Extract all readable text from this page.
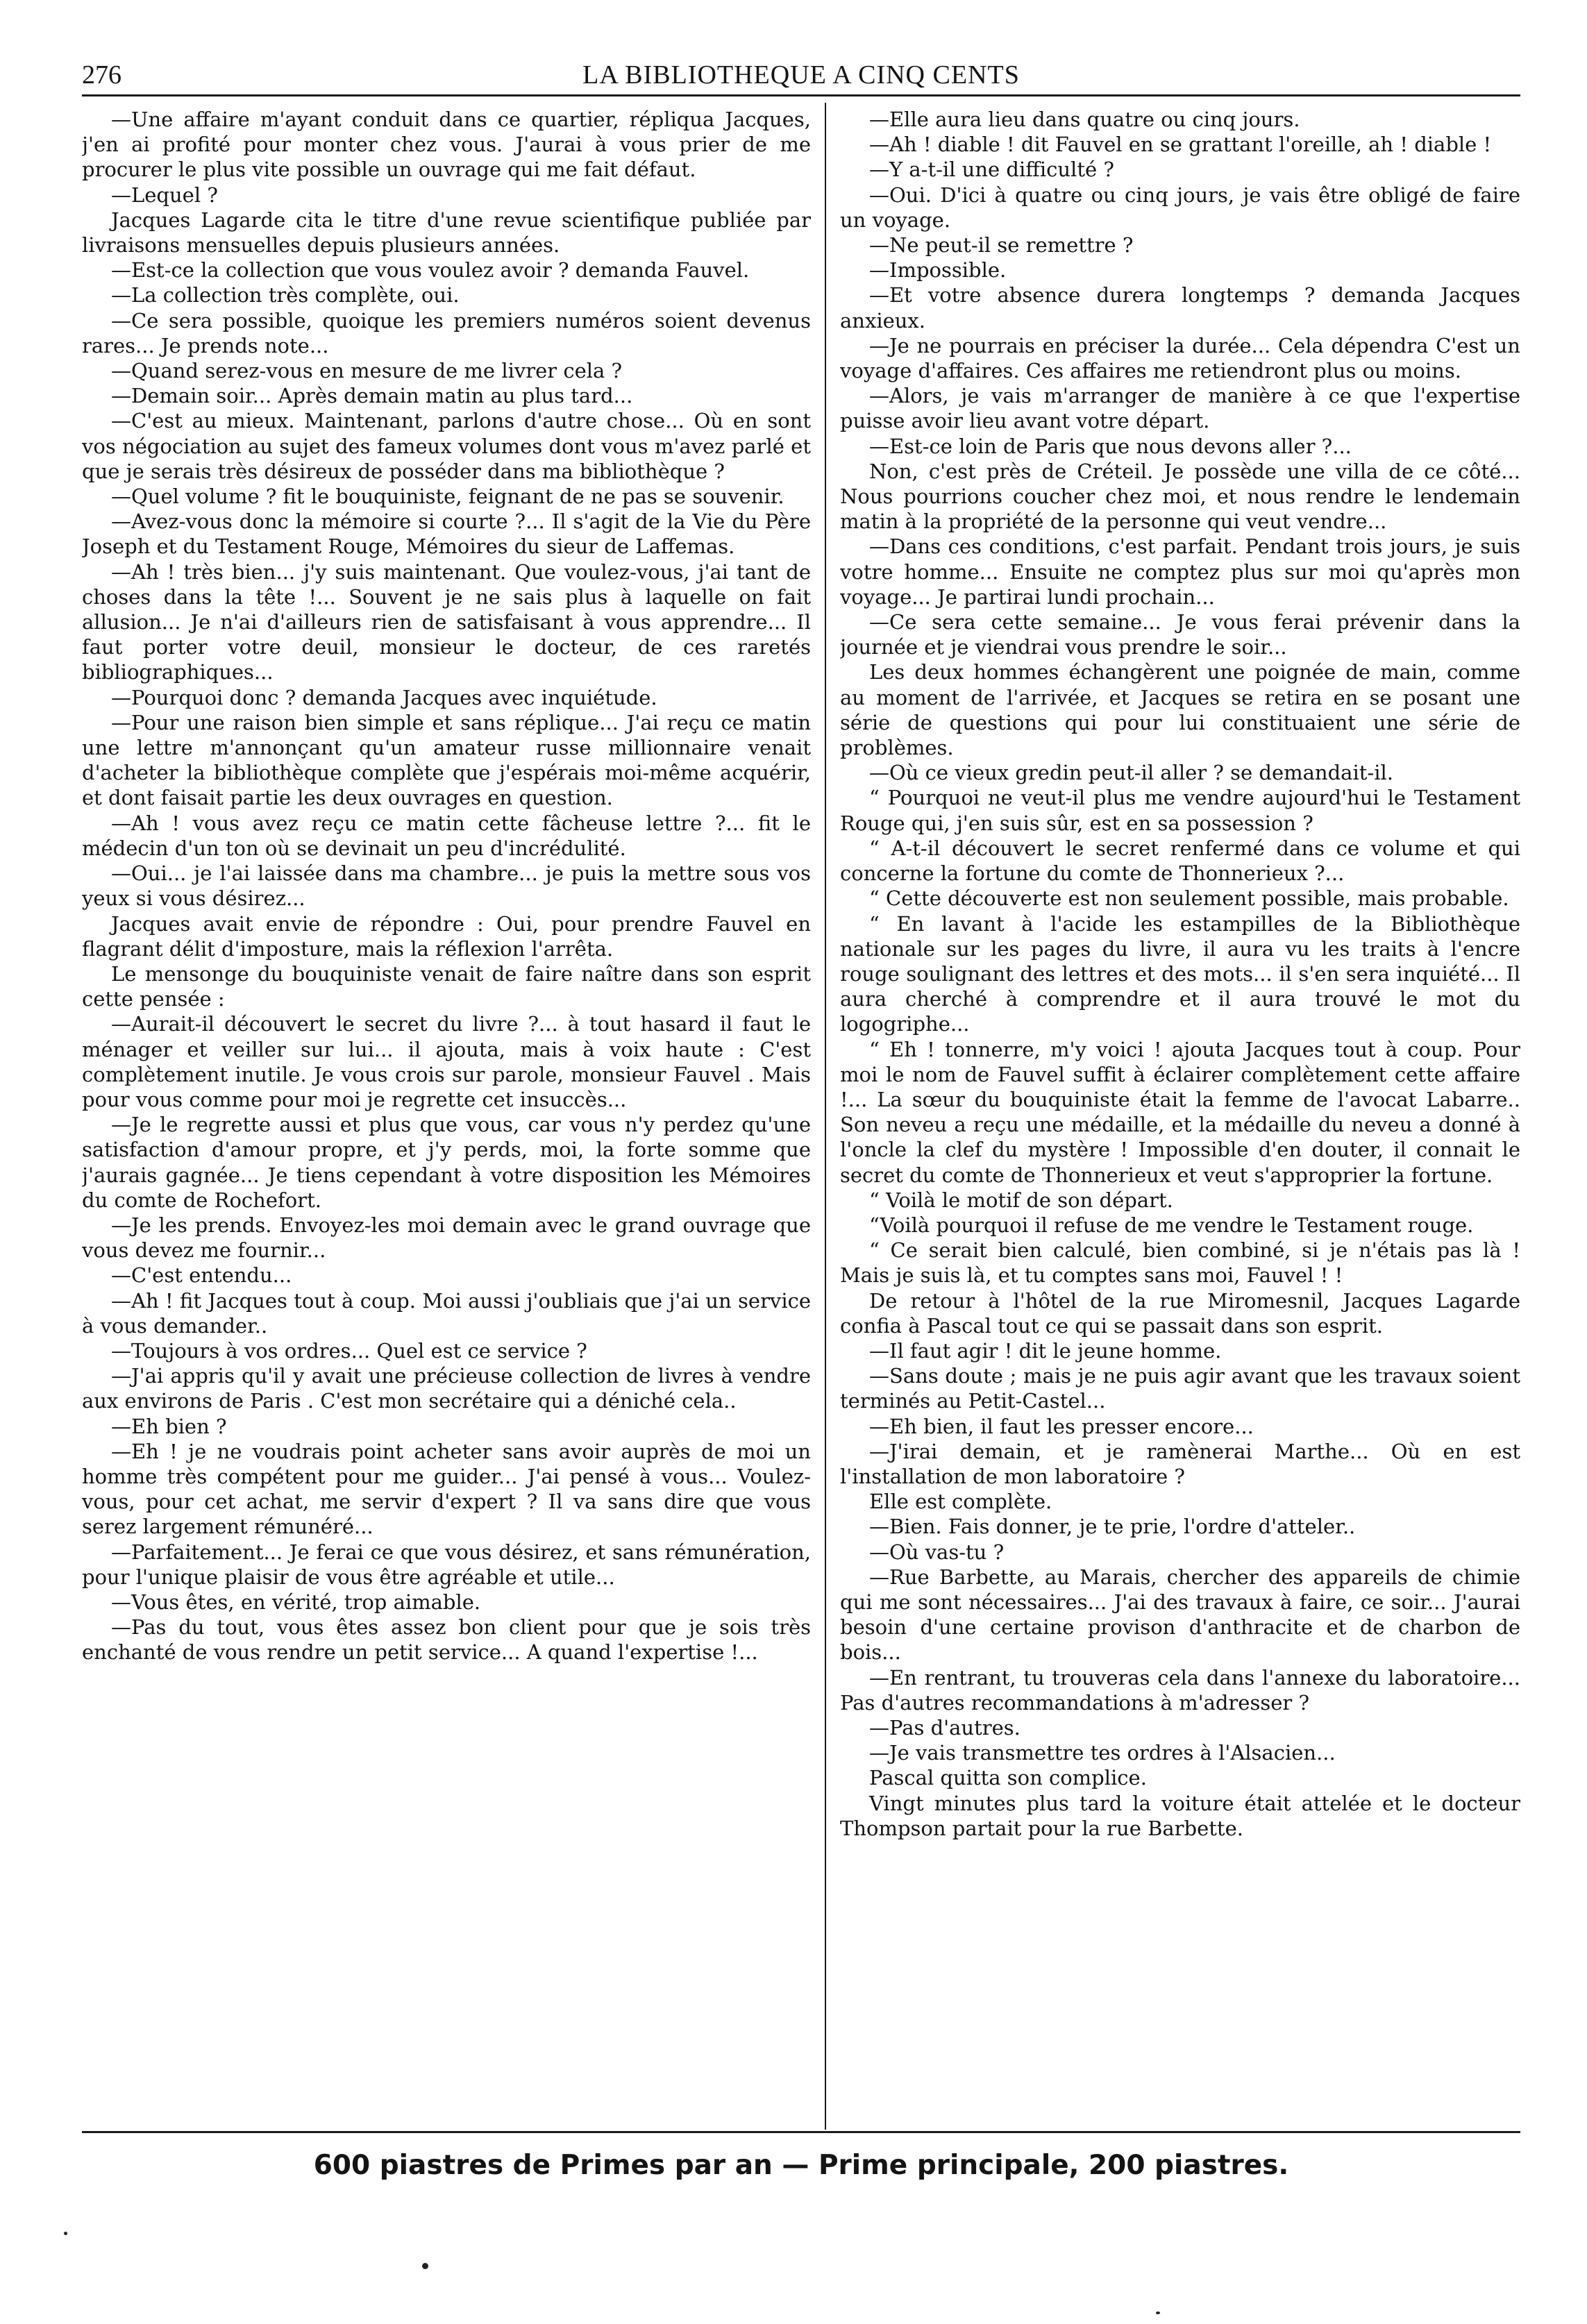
276	LA BIBLIOTHEQUE A CINQ CENTS

—Une affaire m'ayant conduit dans ce quartier, répliqua Jacques, j'en ai profité pour monter chez vous. J'aurai à vous prier de me procurer le plus vite possible un ouvrage qui me fait défaut.

—Lequel ?

Jacques Lagarde cita le titre d'une revue scientifique publiée par livraisons mensuelles depuis plusieurs années.

—Est-ce la collection que vous voulez avoir ? demanda Fauvel.

—La collection très complète, oui.

—Ce sera possible, quoique les premiers numéros soient devenus rares... Je prends note...

—Quand serez-vous en mesure de me livrer cela ?

—Demain soir... Après demain matin au plus tard...

—C'est au mieux. Maintenant, parlons d'autre chose... Où en sont vos négociation au sujet des fameux volumes dont vous m'avez parlé et que je serais très désireux de posséder dans ma bibliothèque ?

—Quel volume ? fit le bouquiniste, feignant de ne pas se souvenir.

—Avez-vous donc la mémoire si courte ?... Il s'agit de la Vie du Père Joseph et du Testament Rouge, Mémoires du sieur de Laffemas.

—Ah ! très bien... j'y suis maintenant. Que voulez-vous, j'ai tant de choses dans la tête !... Souvent je ne sais plus à laquelle on fait allusion... Je n'ai d'ailleurs rien de satisfaisant à vous apprendre... Il faut porter votre deuil, monsieur le docteur, de ces raretés bibliographiques...

—Pourquoi donc ? demanda Jacques avec inquiétude.

—Pour une raison bien simple et sans réplique... J'ai reçu ce matin une lettre m'annonçant qu'un amateur russe millionnaire venait d'acheter la bibliothèque complète que j'espérais moi-même acquérir, et dont faisait partie les deux ouvrages en question.

—Ah ! vous avez reçu ce matin cette fâcheuse lettre ?... fit le médecin d'un ton où se devinait un peu d'incrédulité.

—Oui... je l'ai laissée dans ma chambre... je puis la mettre sous vos yeux si vous désirez...

Jacques avait envie de répondre : Oui, pour prendre Fauvel en flagrant délit d'imposture, mais la réflexion l'arrêta.

Le mensonge du bouquiniste venait de faire naître dans son esprit cette pensée :

—Aurait-il découvert le secret du livre ?... à tout hasard il faut le ménager et veiller sur lui... il ajouta, mais à voix haute : C'est complètement inutile. Je vous crois sur parole, monsieur Fauvel . Mais pour vous comme pour moi je regrette cet insuccès...

—Je le regrette aussi et plus que vous, car vous n'y perdez qu'une satisfaction d'amour propre, et j'y perds, moi, la forte somme que j'aurais gagnée... Je tiens cependant à votre disposition les Mémoires du comte de Rochefort.

—Je les prends. Envoyez-les moi demain avec le grand ouvrage que vous devez me fournir...

—C'est entendu...

—Ah ! fit Jacques tout à coup. Moi aussi j'oubliais que j'ai un service à vous demander..

—Toujours à vos ordres... Quel est ce service ?

—J'ai appris qu'il y avait une précieuse collection de livres à vendre aux environs de Paris . C'est mon secrétaire qui a déniché cela..

—Eh bien ?

—Eh ! je ne voudrais point acheter sans avoir auprès de moi un homme très compétent pour me guider... J'ai pensé à vous... Voulez-vous, pour cet achat, me servir d'expert ? Il va sans dire que vous serez largement rémunéré...

—Parfaitement... Je ferai ce que vous désirez, et sans rémunération, pour l'unique plaisir de vous être agréable et utile...

—Vous êtes, en vérité, trop aimable.

—Pas du tout, vous êtes assez bon client pour que je sois très enchanté de vous rendre un petit service... A quand l'expertise !...

—Elle aura lieu dans quatre ou cinq jours.

—Ah ! diable ! dit Fauvel en se grattant l'oreille, ah ! diable !

—Y a-t-il une difficulté ?

—Oui. D'ici à quatre ou cinq jours, je vais être obligé de faire un voyage.

—Ne peut-il se remettre ?

—Impossible.

—Et votre absence durera longtemps ? demanda Jacques anxieux.

—Je ne pourrais en préciser la durée... Cela dépendra C'est un voyage d'affaires. Ces affaires me retiendront plus ou moins.

—Alors, je vais m'arranger de manière à ce que l'expertise puisse avoir lieu avant votre départ.

—Est-ce loin de Paris que nous devons aller ?...

Non, c'est près de Créteil. Je possède une villa de ce côté... Nous pourrions coucher chez moi, et nous rendre le lendemain matin à la propriété de la personne qui veut vendre...

—Dans ces conditions, c'est parfait. Pendant trois jours, je suis votre homme... Ensuite ne comptez plus sur moi qu'après mon voyage... Je partirai lundi prochain...

—Ce sera cette semaine... Je vous ferai prévenir dans la journée et je viendrai vous prendre le soir...

Les deux hommes échangèrent une poignée de main, comme au moment de l'arrivée, et Jacques se retira en se posant une série de questions qui pour lui constituaient une série de problèmes.

—Où ce vieux gredin peut-il aller ? se demandait-il.

“ Pourquoi ne veut-il plus me vendre aujourd'hui le Testament Rouge qui, j'en suis sûr, est en sa possession ?

“ A-t-il découvert le secret renfermé dans ce volume et qui concerne la fortune du comte de Thonnerieux ?...

“ Cette découverte est non seulement possible, mais probable.

“ En lavant à l'acide les estampilles de la Bibliothèque nationale sur les pages du livre, il aura vu les traits à l'encre rouge soulignant des lettres et des mots... il s'en sera inquiété... Il aura cherché à comprendre et il aura trouvé le mot du logogriphe...

“ Eh ! tonnerre, m'y voici ! ajouta Jacques tout à coup. Pour moi le nom de Fauvel suffit à éclairer complètement cette affaire !... La sœur du bouquiniste était la femme de l'avocat Labarre.. Son neveu a reçu une médaille, et la médaille du neveu a donné à l'oncle la clef du mystère ! Impossible d'en douter, il connait le secret du comte de Thonnerieux et veut s'approprier la fortune.

“ Voilà le motif de son départ.

“Voilà pourquoi il refuse de me vendre le Testament rouge.

“ Ce serait bien calculé, bien combiné, si je n'étais pas là ! Mais je suis là, et tu comptes sans moi, Fauvel ! !

De retour à l'hôtel de la rue Miromesnil, Jacques Lagarde confia à Pascal tout ce qui se passait dans son esprit.

—Il faut agir ! dit le jeune homme.

—Sans doute ; mais je ne puis agir avant que les travaux soient terminés au Petit-Castel...

—Eh bien, il faut les presser encore...

—J'irai demain, et je ramènerai Marthe... Où en est l'installation de mon laboratoire ?

Elle est complète.

—Bien. Fais donner, je te prie, l'ordre d'atteler..

—Où vas-tu ?

—Rue Barbette, au Marais, chercher des appareils de chimie qui me sont nécessaires... J'ai des travaux à faire, ce soir... J'aurai besoin d'une certaine provison d'anthracite et de charbon de bois...

—En rentrant, tu trouveras cela dans l'annexe du laboratoire... Pas d'autres recommandations à m'adresser ?

—Pas d'autres.

—Je vais transmettre tes ordres à l'Alsacien...

Pascal quitta son complice.

Vingt minutes plus tard la voiture était attelée et le docteur Thompson partait pour la rue Barbette.

600 piastres de Primes par an — Prime principale, 200 piastres.
